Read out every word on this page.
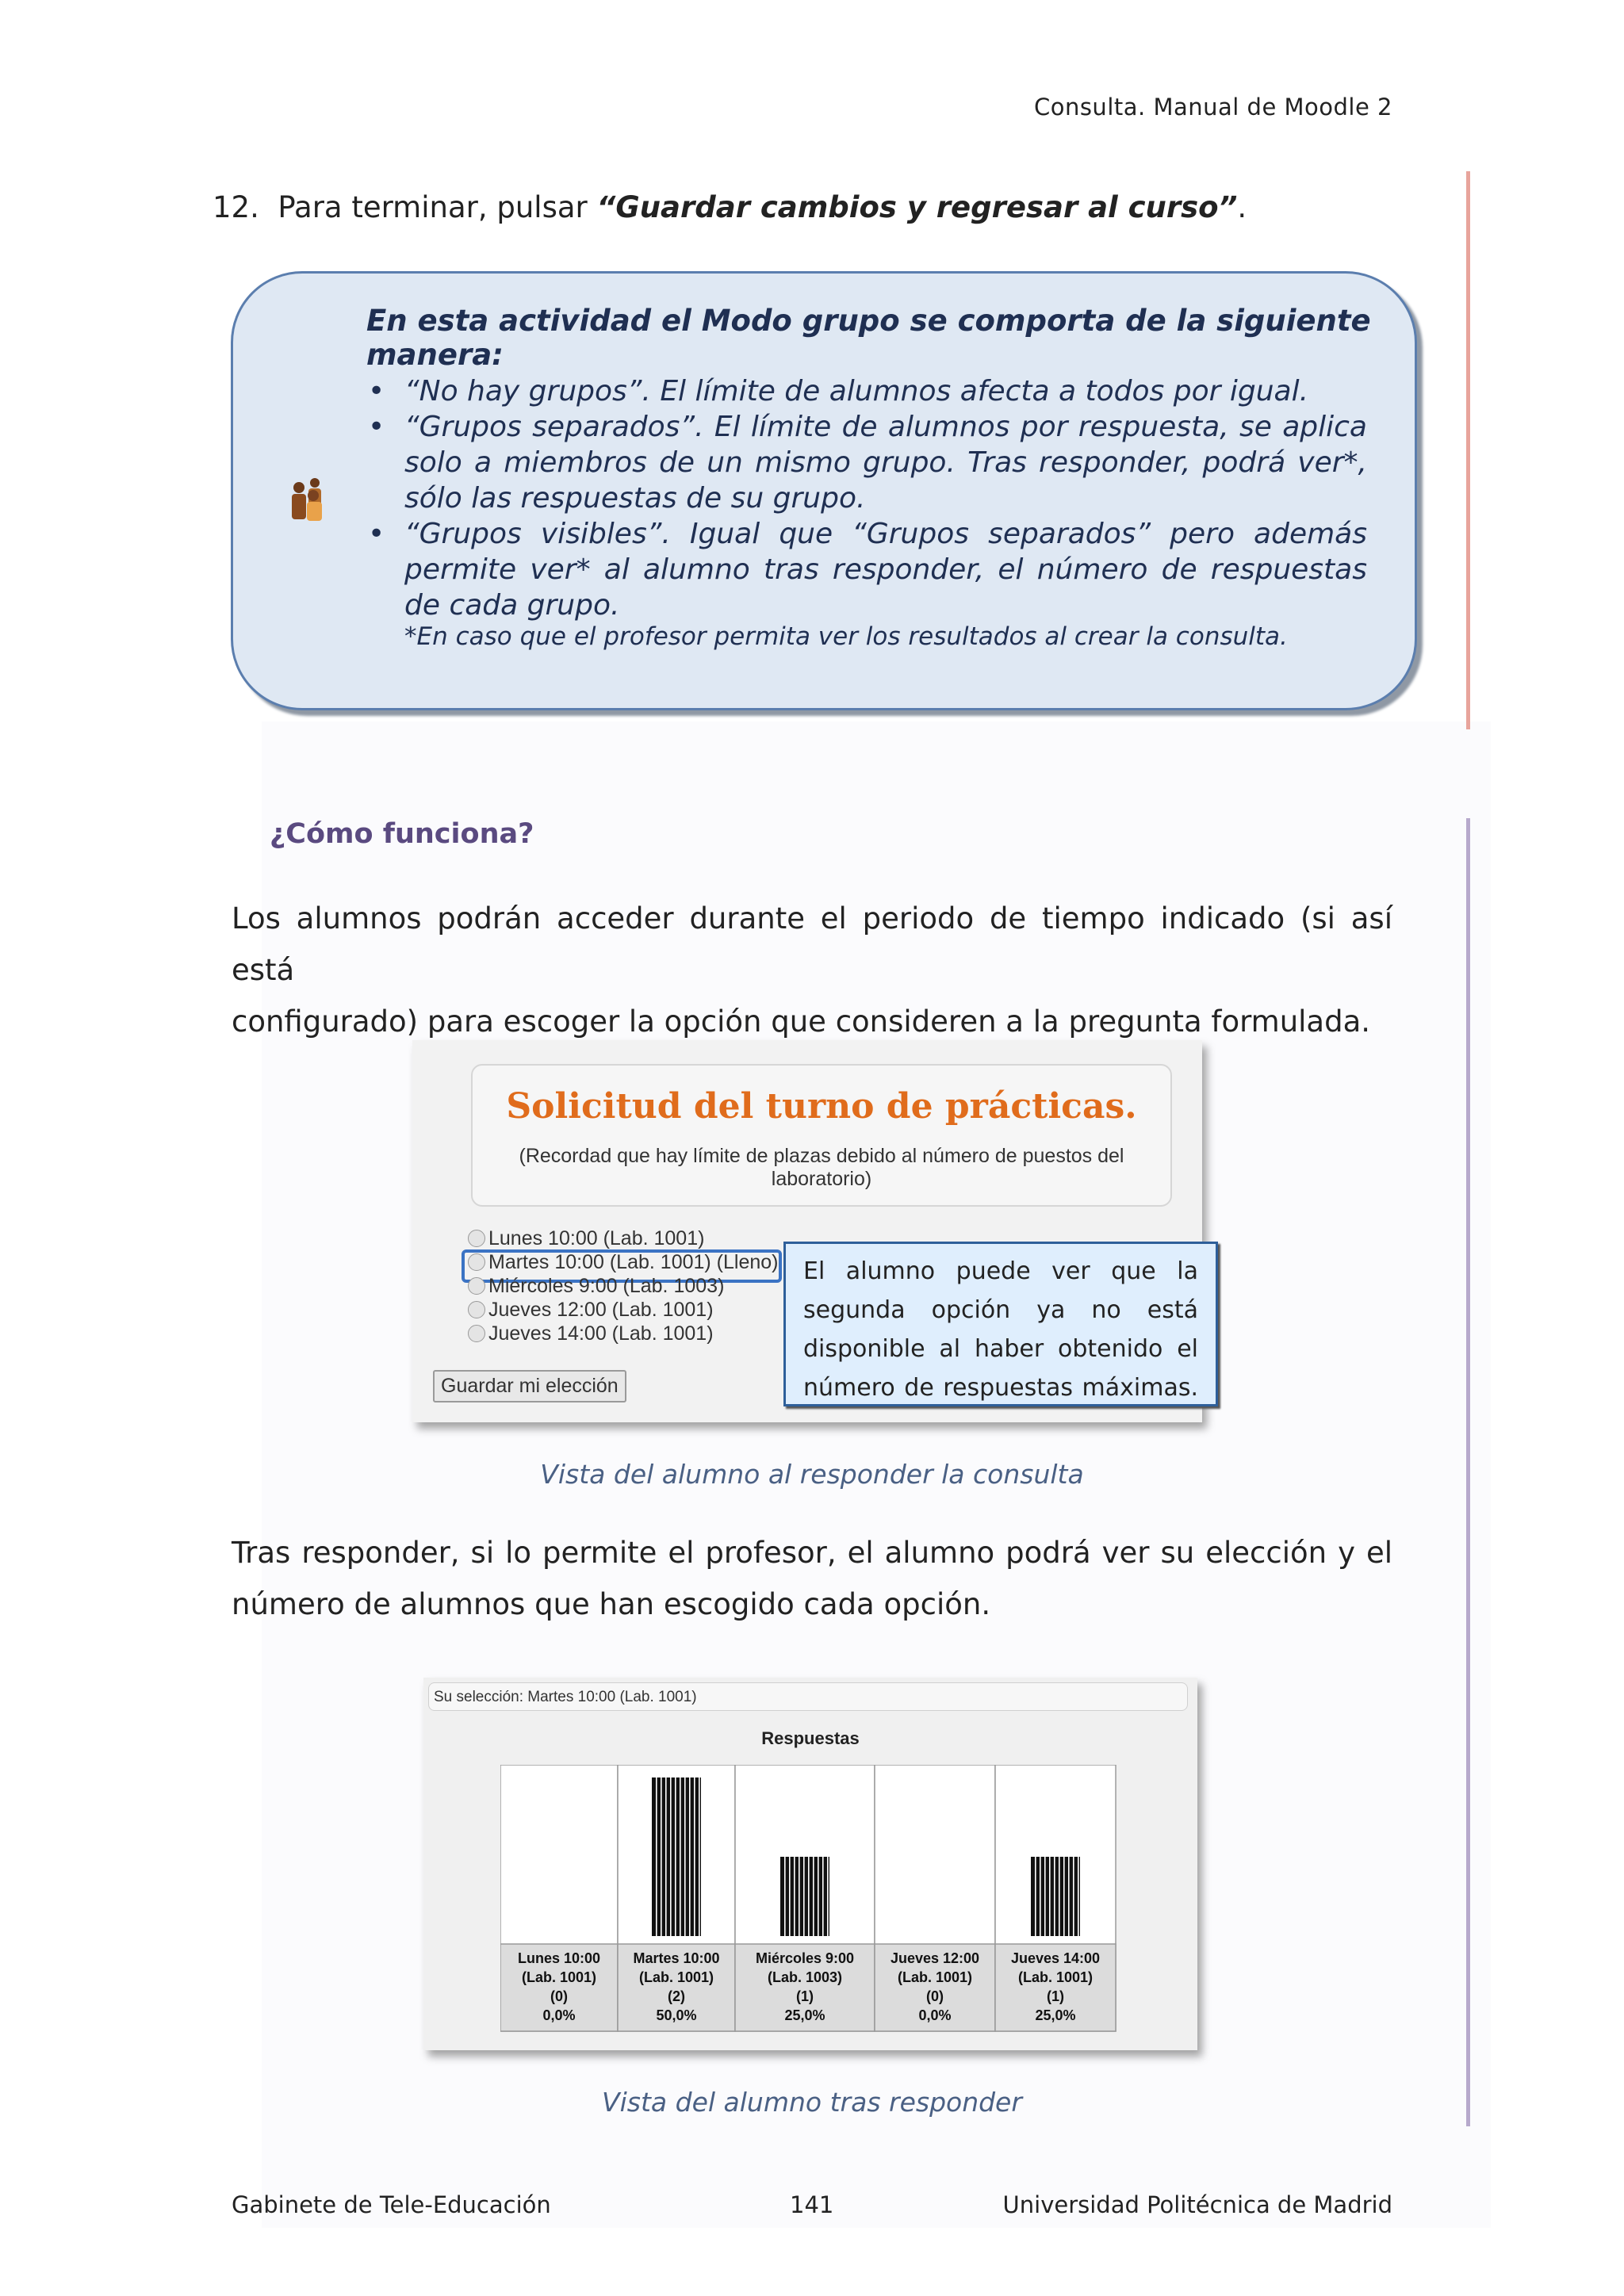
Consulta. Manual de Moodle 2
12. Para terminar, pulsar “Guardar cambios y regresar al curso”.
En esta actividad el Modo grupo se comporta de la siguiente manera:
• “No hay grupos”. El límite de alumnos afecta a todos por igual.
• “Grupos separados”. El límite de alumnos por respuesta, se aplica solo a miembros de un mismo grupo. Tras responder, podrá ver*, sólo las respuestas de su grupo.
• “Grupos visibles”. Igual que “Grupos separados” pero además permite ver* al alumno tras responder, el número de respuestas de cada grupo.
*En caso que el profesor permita ver los resultados al crear la consulta.
¿Cómo funciona?
Los alumnos podrán acceder durante el periodo de tiempo indicado (si así está
configurado) para escoger la opción que consideren a la pregunta formulada.
Solicitud del turno de prácticas.
(Recordad que hay límite de plazas debido al número de puestos del laboratorio)
Lunes 10:00 (Lab. 1001)
Martes 10:00 (Lab. 1001) (Lleno)
Miércoles 9:00 (Lab. 1003)
Jueves 12:00 (Lab. 1001)
Jueves 14:00 (Lab. 1001)
Guardar mi elección
El alumno puede ver que la segunda opción ya no está disponible al haber obtenido el número de respuestas máximas.
Vista del alumno al responder la consulta
Tras responder, si lo permite el profesor, el alumno podrá ver su elección y el
número de alumnos que han escogido cada opción.
Su selección: Martes 10:00 (Lab. 1001)
Respuestas
Lunes 10:00
(Lab. 1001)
(0)
0,0%
Martes 10:00
(Lab. 1001)
(2)
50,0%
Miércoles 9:00
(Lab. 1003)
(1)
25,0%
Jueves 12:00
(Lab. 1001)
(0)
0,0%
Jueves 14:00
(Lab. 1001)
(1)
25,0%
Vista del alumno tras responder
Gabinete de Tele-Educación	141	Universidad Politécnica de Madrid
